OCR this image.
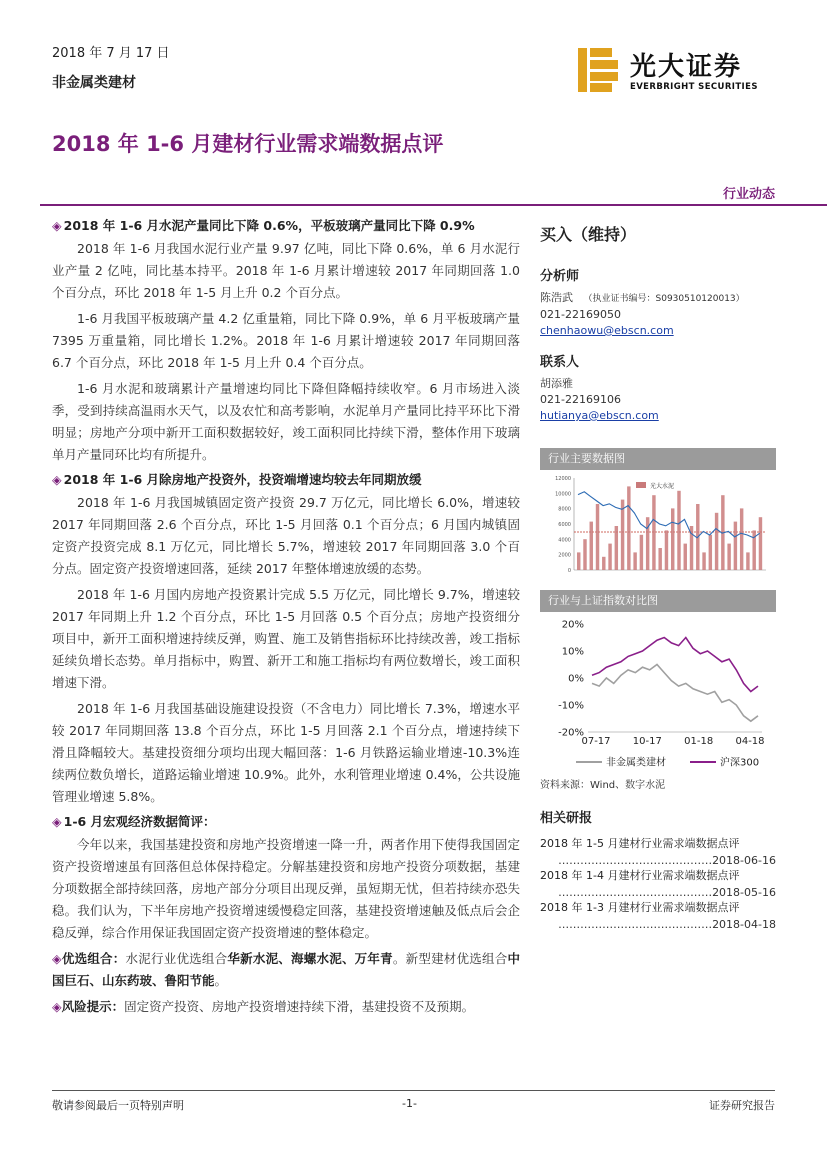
2018 年 7 月 17 日
非金属类建材
光大证券
EVERBRIGHT SECURITIES
2018 年 1-6 月建材行业需求端数据点评
行业动态
◈ 2018 年 1-6 月水泥产量同比下降 0.6%，平板玻璃产量同比下降 0.9%

2018 年 1-6 月我国水泥行业产量 9.97 亿吨，同比下降 0.6%，单 6 月水泥行业产量 2 亿吨，同比基本持平。2018 年 1-6 月累计增速较 2017 年同期回落 1.0 个百分点，环比 2018 年 1-5 月上升 0.2 个百分点。

1-6 月我国平板玻璃产量 4.2 亿重量箱，同比下降 0.9%，单 6 月平板玻璃产量 7395 万重量箱，同比增长 1.2%。2018 年 1-6 月累计增速较 2017 年同期回落 6.7 个百分点，环比 2018 年 1-5 月上升 0.4 个百分点。

1-6 月水泥和玻璃累计产量增速均同比下降但降幅持续收窄。6 月市场进入淡季，受到持续高温雨水天气，以及农忙和高考影响，水泥单月产量同比持平环比下滑明显；房地产分项中新开工面积数据较好，竣工面积同比持续下滑，整体作用下玻璃单月产量同环比均有所提升。

◈ 2018 年 1-6 月除房地产投资外，投资端增速均较去年同期放缓

2018 年 1-6 月我国城镇固定资产投资 29.7 万亿元，同比增长 6.0%，增速较 2017 年同期回落 2.6 个百分点，环比 1-5 月回落 0.1 个百分点；6 月国内城镇固定资产投资完成 8.1 万亿元，同比增长 5.7%，增速较 2017 年同期回落 3.0 个百分点。固定资产投资增速回落，延续 2017 年整体增速放缓的态势。

2018 年 1-6 月国内房地产投资累计完成 5.5 万亿元，同比增长 9.7%，增速较 2017 年同期上升 1.2 个百分点，环比 1-5 月回落 0.5 个百分点；房地产投资细分项目中，新开工面积增速持续反弹，购置、施工及销售指标环比持续改善，竣工指标延续负增长态势。单月指标中，购置、新开工和施工指标均有两位数增长，竣工面积增速下滑。

2018 年 1-6 月我国基础设施建设投资（不含电力）同比增长 7.3%，增速水平较 2017 年同期回落 13.8 个百分点，环比 1-5 月回落 2.1 个百分点，增速持续下滑且降幅较大。基建投资细分项均出现大幅回落：1-6 月铁路运输业增速-10.3%连续两位数负增长，道路运输业增速 10.9%。此外，水利管理业增速 0.4%，公共设施管理业增速 5.8%。

◈ 1-6 月宏观经济数据简评：

今年以来，我国基建投资和房地产投资增速一降一升，两者作用下使得我国固定资产投资增速虽有回落但总体保持稳定。分解基建投资和房地产投资分项数据，基建分项数据全部持续回落，房地产部分分项目出现反弹，虽短期无忧，但若持续亦恐失稳。我们认为，下半年房地产投资增速缓慢稳定回落，基建投资增速触及低点后会企稳反弹，综合作用保证我国固定资产投资增速的整体稳定。

◈优选组合：水泥行业优选组合华新水泥、海螺水泥、万年青。新型建材优选组合中国巨石、山东药玻、鲁阳节能。

◈风险提示：固定资产投资、房地产投资增速持续下滑，基建投资不及预期。

买入（维持）
分析师
陈浩武 （执业证书编号：S0930510120013）
021-22169050
chenhaowu@ebscn.com
联系人
胡添雅
021-22169106
hutianya@ebscn.com
行业主要数据图
12000
10000
8000
6000
4000
2000
0
光大水泥
行业与上证指数对比图
20%
10%
0%
-10%
-20%
07-17 10-17 01-18 04-18
非金属类建材	沪深300
资料来源：Wind、数字水泥
相关研报
2018 年 1-5 月建材行业需求端数据点评
……………………………………2018-06-16
2018 年 1-4 月建材行业需求端数据点评
……………………………………2018-05-16
2018 年 1-3 月建材行业需求端数据点评
……………………………………2018-04-18
敬请参阅最后一页特别声明	-1-	证券研究报告
